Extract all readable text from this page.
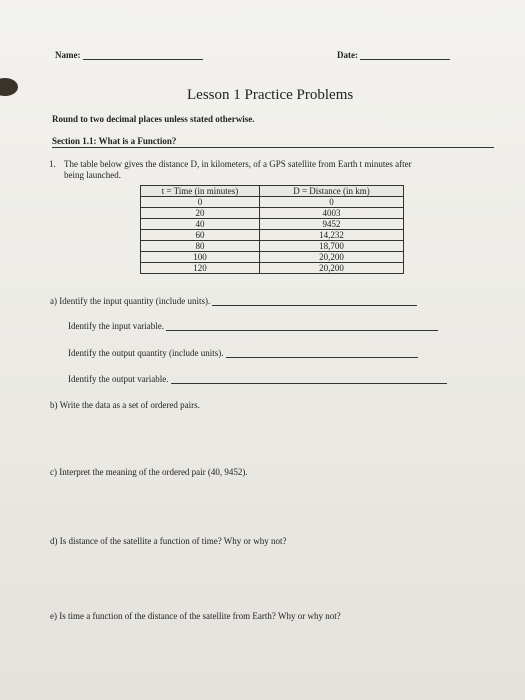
Name:	Date:
Lesson 1 Practice Problems
Round to two decimal places unless stated otherwise.
Section 1.1: What is a Function?
1. The table below gives the distance D, in kilometers, of a GPS satellite from Earth t minutes after
being launched.
t = Time (in minutes)	D = Distance (in km)
0	0
20	4003
40	9452
60	14,232
80	18,700
100	20,200
120	20,200
a) Identify the input quantity (include units).
Identify the input variable.
Identify the output quantity (include units).
Identify the output variable.
b) Write the data as a set of ordered pairs.
c) Interpret the meaning of the ordered pair (40, 9452).
d) Is distance of the satellite a function of time? Why or why not?
e) Is time a function of the distance of the satellite from Earth? Why or why not?
